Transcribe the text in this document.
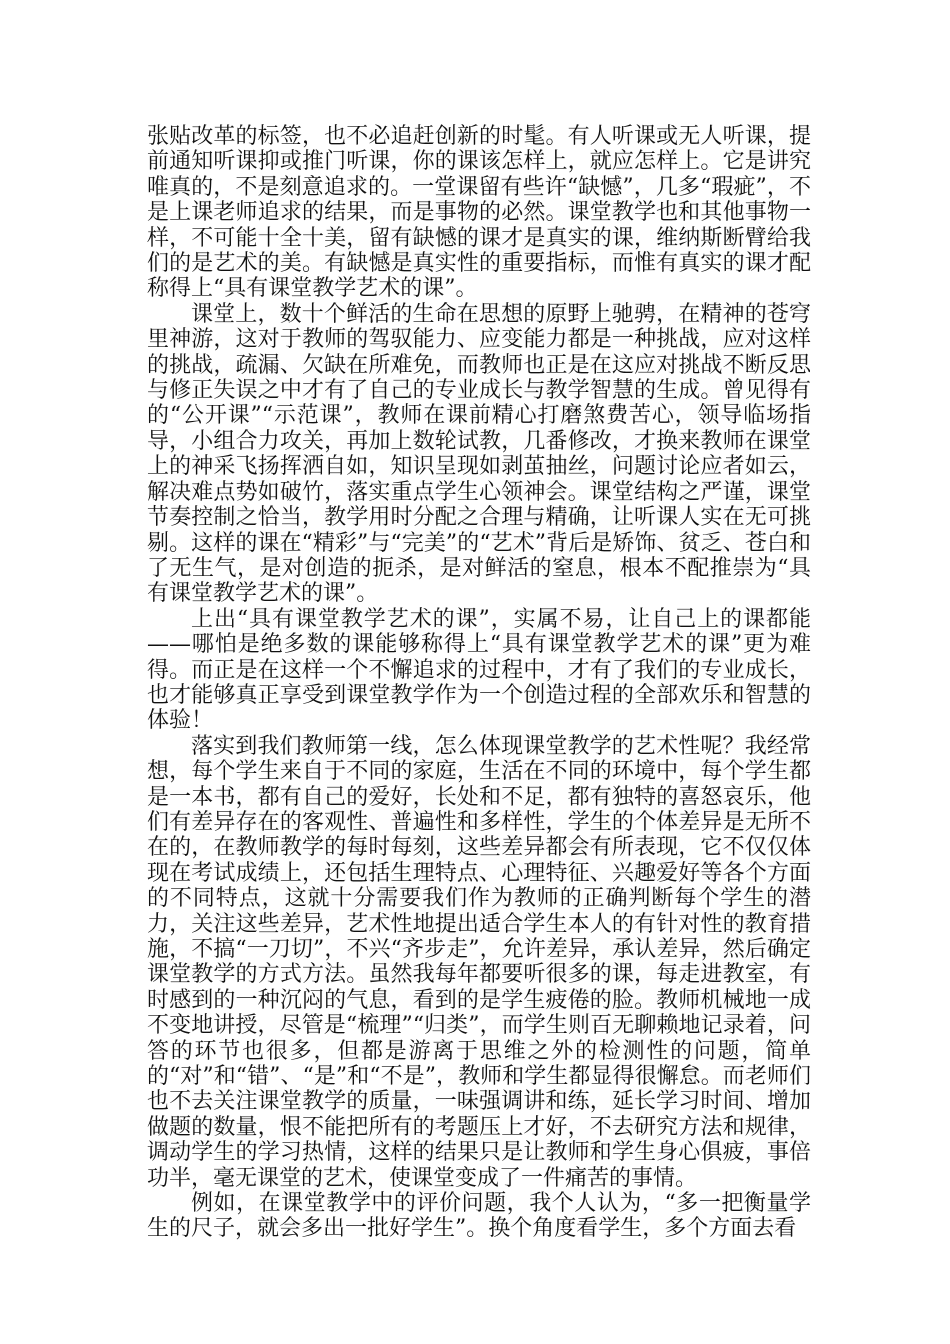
张贴改革的标签，也不必追赶创新的时髦。有人听课或无人听课，提前通知听课抑或推门听课，你的课该怎样上，就应怎样上。它是讲究唯真的，不是刻意追求的。一堂课留有些许“缺憾”，几多“瑕疵”，不是上课老师追求的结果，而是事物的必然。课堂教学也和其他事物一样，不可能十全十美，留有缺憾的课才是真实的课，维纳斯断臂给我们的是艺术的美。有缺憾是真实性的重要指标，而惟有真实的课才配称得上“具有课堂教学艺术的课”。

课堂上，数十个鲜活的生命在思想的原野上驰骋，在精神的苍穹里神游，这对于教师的驾驭能力、应变能力都是一种挑战，应对这样的挑战，疏漏、欠缺在所难免，而教师也正是在这应对挑战不断反思与修正失误之中才有了自己的专业成长与教学智慧的生成。曾见得有的“公开课”“示范课”，教师在课前精心打磨煞费苦心，领导临场指导，小组合力攻关，再加上数轮试教，几番修改，才换来教师在课堂上的神采飞扬挥洒自如，知识呈现如剥茧抽丝，问题讨论应者如云，解决难点势如破竹，落实重点学生心领神会。课堂结构之严谨，课堂节奏控制之恰当，教学用时分配之合理与精确，让听课人实在无可挑剔。这样的课在“精彩”与“完美”的“艺术”背后是矫饰、贫乏、苍白和了无生气，是对创造的扼杀，是对鲜活的窒息，根本不配推崇为“具有课堂教学艺术的课”。

上出“具有课堂教学艺术的课”，实属不易，让自己上的课都能——哪怕是绝多数的课能够称得上“具有课堂教学艺术的课”更为难得。而正是在这样一个不懈追求的过程中，才有了我们的专业成长，也才能够真正享受到课堂教学作为一个创造过程的全部欢乐和智慧的体验！

落实到我们教师第一线，怎么体现课堂教学的艺术性呢？我经常想，每个学生来自于不同的家庭，生活在不同的环境中，每个学生都是一本书，都有自己的爱好，长处和不足，都有独特的喜怒哀乐，他们有差异存在的客观性、普遍性和多样性，学生的个体差异是无所不在的，在教师教学的每时每刻，这些差异都会有所表现，它不仅仅体现在考试成绩上，还包括生理特点、心理特征、兴趣爱好等各个方面的不同特点，这就十分需要我们作为教师的正确判断每个学生的潜力，关注这些差异，艺术性地提出适合学生本人的有针对性的教育措施，不搞“一刀切”，不兴“齐步走”，允许差异，承认差异，然后确定课堂教学的方式方法。虽然我每年都要听很多的课，每走进教室，有时感到的一种沉闷的气息，看到的是学生疲倦的脸。教师机械地一成不变地讲授，尽管是“梳理”“归类”，而学生则百无聊赖地记录着，问答的环节也很多，但都是游离于思维之外的检测性的问题，简单的“对”和“错”、“是”和“不是”，教师和学生都显得很懈怠。而老师们也不去关注课堂教学的质量，一味强调讲和练，延长学习时间、增加做题的数量，恨不能把所有的考题压上才好，不去研究方法和规律，调动学生的学习热情，这样的结果只是让教师和学生身心俱疲，事倍功半，毫无课堂的艺术，使课堂变成了一件痛苦的事情。

例如，在课堂教学中的评价问题，我个人认为，“多一把衡量学生的尺子，就会多出一批好学生”。换个角度看学生，多个方面去看
